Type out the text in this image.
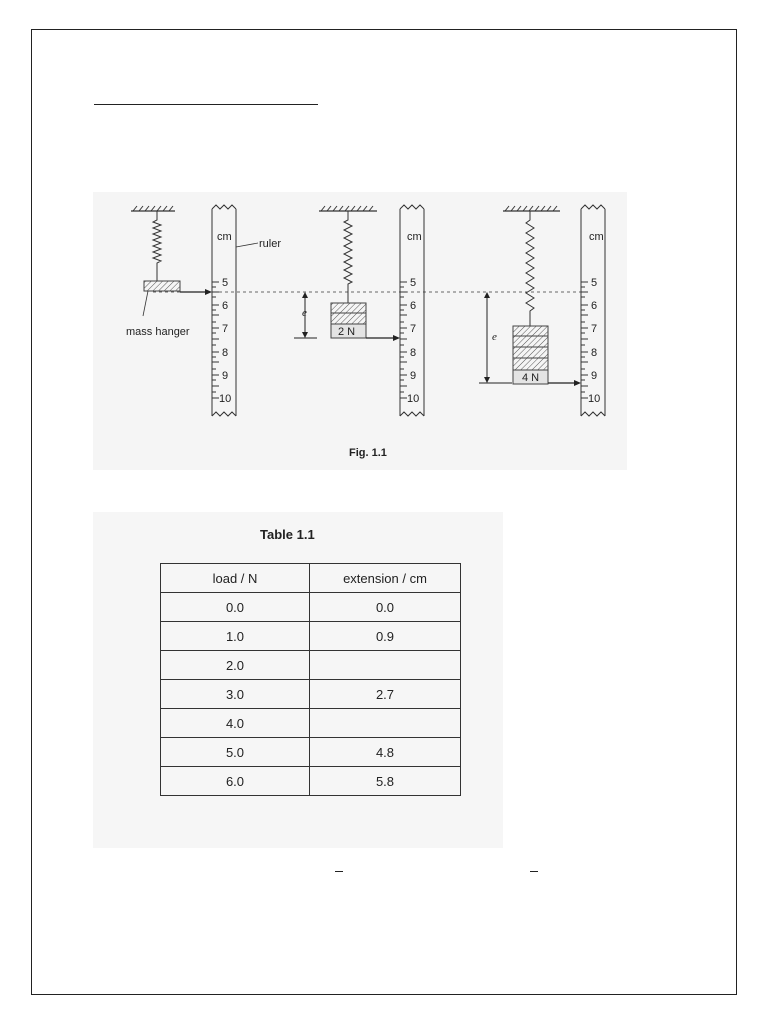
mass hanger
ruler
cm
5
6
7
8
9
10
2 N
e
cm
5
6
7
8
9
10
4 N
e
cm
5
6
7
8
9
10
Fig. 1.1
Table 1.1
load / N	extension / cm
0.0	0.0
1.0	0.9
2.0	
3.0	2.7
4.0	
5.0	4.8
6.0	5.8
